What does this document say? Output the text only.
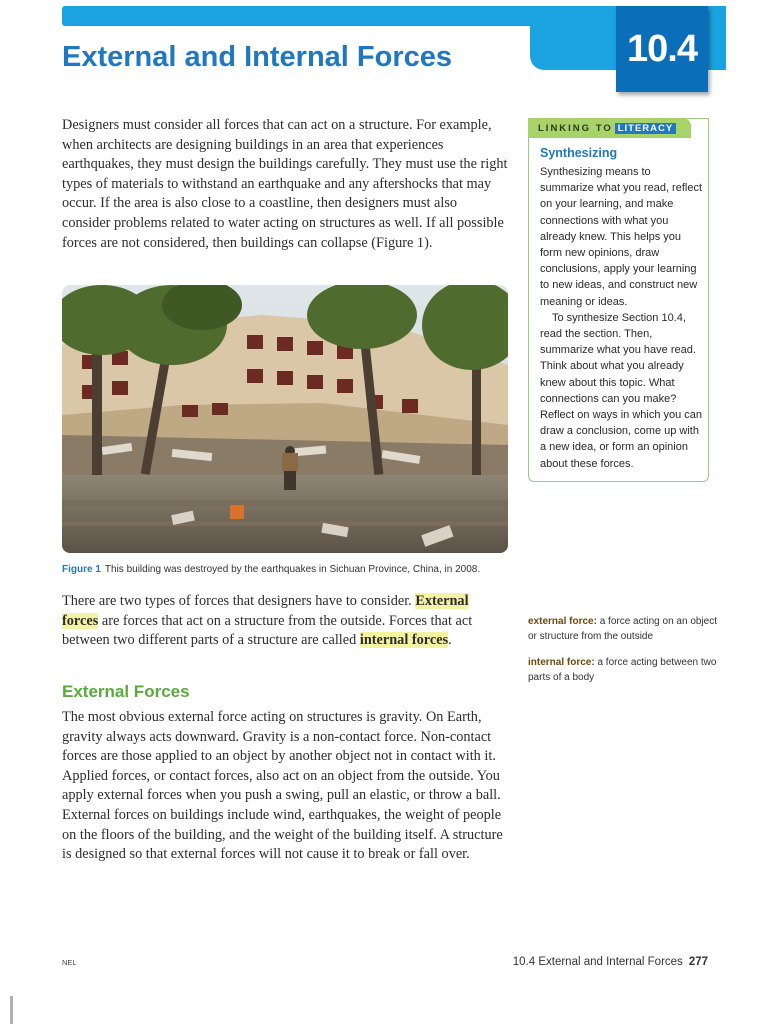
10.4
External and Internal Forces

Designers must consider all forces that can act on a structure. For example, when architects are designing buildings in an area that experiences earthquakes, they must design the buildings carefully. They must use the right types of materials to withstand an earthquake and any aftershocks that may occur. If the area is also close to a coastline, then designers must also consider problems related to water acting on structures as well. If all possible forces are not considered, then buildings can collapse (Figure 1).

Figure 1 This building was destroyed by the earthquakes in Sichuan Province, China, in 2008.

There are two types of forces that designers have to consider. External forces are forces that act on a structure from the outside. Forces that act between two different parts of a structure are called internal forces.

External Forces

The most obvious external force acting on structures is gravity. On Earth, gravity always acts downward. Gravity is a non-contact force. Non-contact forces are those applied to an object by another object not in contact with it. Applied forces, or contact forces, also act on an object from the outside. You apply external forces when you push a swing, pull an elastic, or throw a ball. External forces on buildings include wind, earthquakes, the weight of people on the floors of the building, and the weight of the building itself. A structure is designed so that external forces will not cause it to break or fall over.

LINKING TO LITERACY
Synthesizing

Synthesizing means to summarize what you read, reflect on your learning, and make connections with what you already knew. This helps you form new opinions, draw conclusions, apply your learning to new ideas, and construct new meaning or ideas.

To synthesize Section 10.4, read the section. Then, summarize what you have read. Think about what you already knew about this topic. What connections can you make? Reflect on ways in which you can draw a conclusion, come up with a new idea, or form an opinion about these forces.

external force: a force acting on an object or structure from the outside

internal force: a force acting between two parts of a body

NEL	10.4 External and Internal Forces 277
